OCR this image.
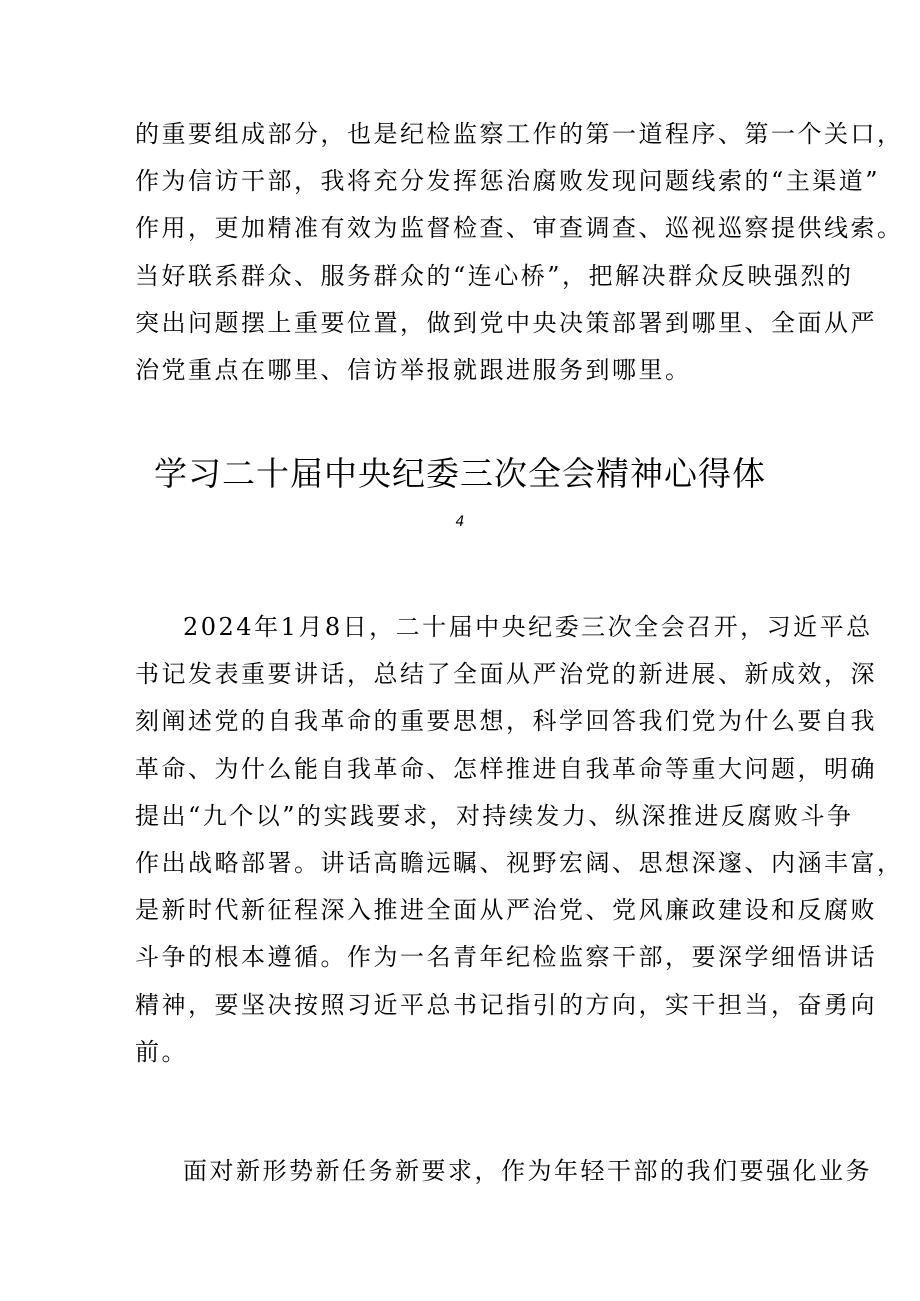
的重要组成部分，也是纪检监察工作的第一道程序、第一个关口，
作为信访干部，我将充分发挥惩治腐败发现问题线索的“主渠道”
作用，更加精准有效为监督检查、审查调查、巡视巡察提供线索。
当好联系群众、服务群众的“连心桥”，把解决群众反映强烈的
突出问题摆上重要位置，做到党中央决策部署到哪里、全面从严
治党重点在哪里、信访举报就跟进服务到哪里。
学习二十届中央纪委三次全会精神心得体
4
2024年1月8日，二十届中央纪委三次全会召开，习近平总
书记发表重要讲话，总结了全面从严治党的新进展、新成效，深
刻阐述党的自我革命的重要思想，科学回答我们党为什么要自我
革命、为什么能自我革命、怎样推进自我革命等重大问题，明确
提出“九个以”的实践要求，对持续发力、纵深推进反腐败斗争
作出战略部署。讲话高瞻远瞩、视野宏阔、思想深邃、内涵丰富，
是新时代新征程深入推进全面从严治党、党风廉政建设和反腐败
斗争的根本遵循。作为一名青年纪检监察干部，要深学细悟讲话
精神，要坚决按照习近平总书记指引的方向，实干担当，奋勇向
前。
面对新形势新任务新要求，作为年轻干部的我们要强化业务
